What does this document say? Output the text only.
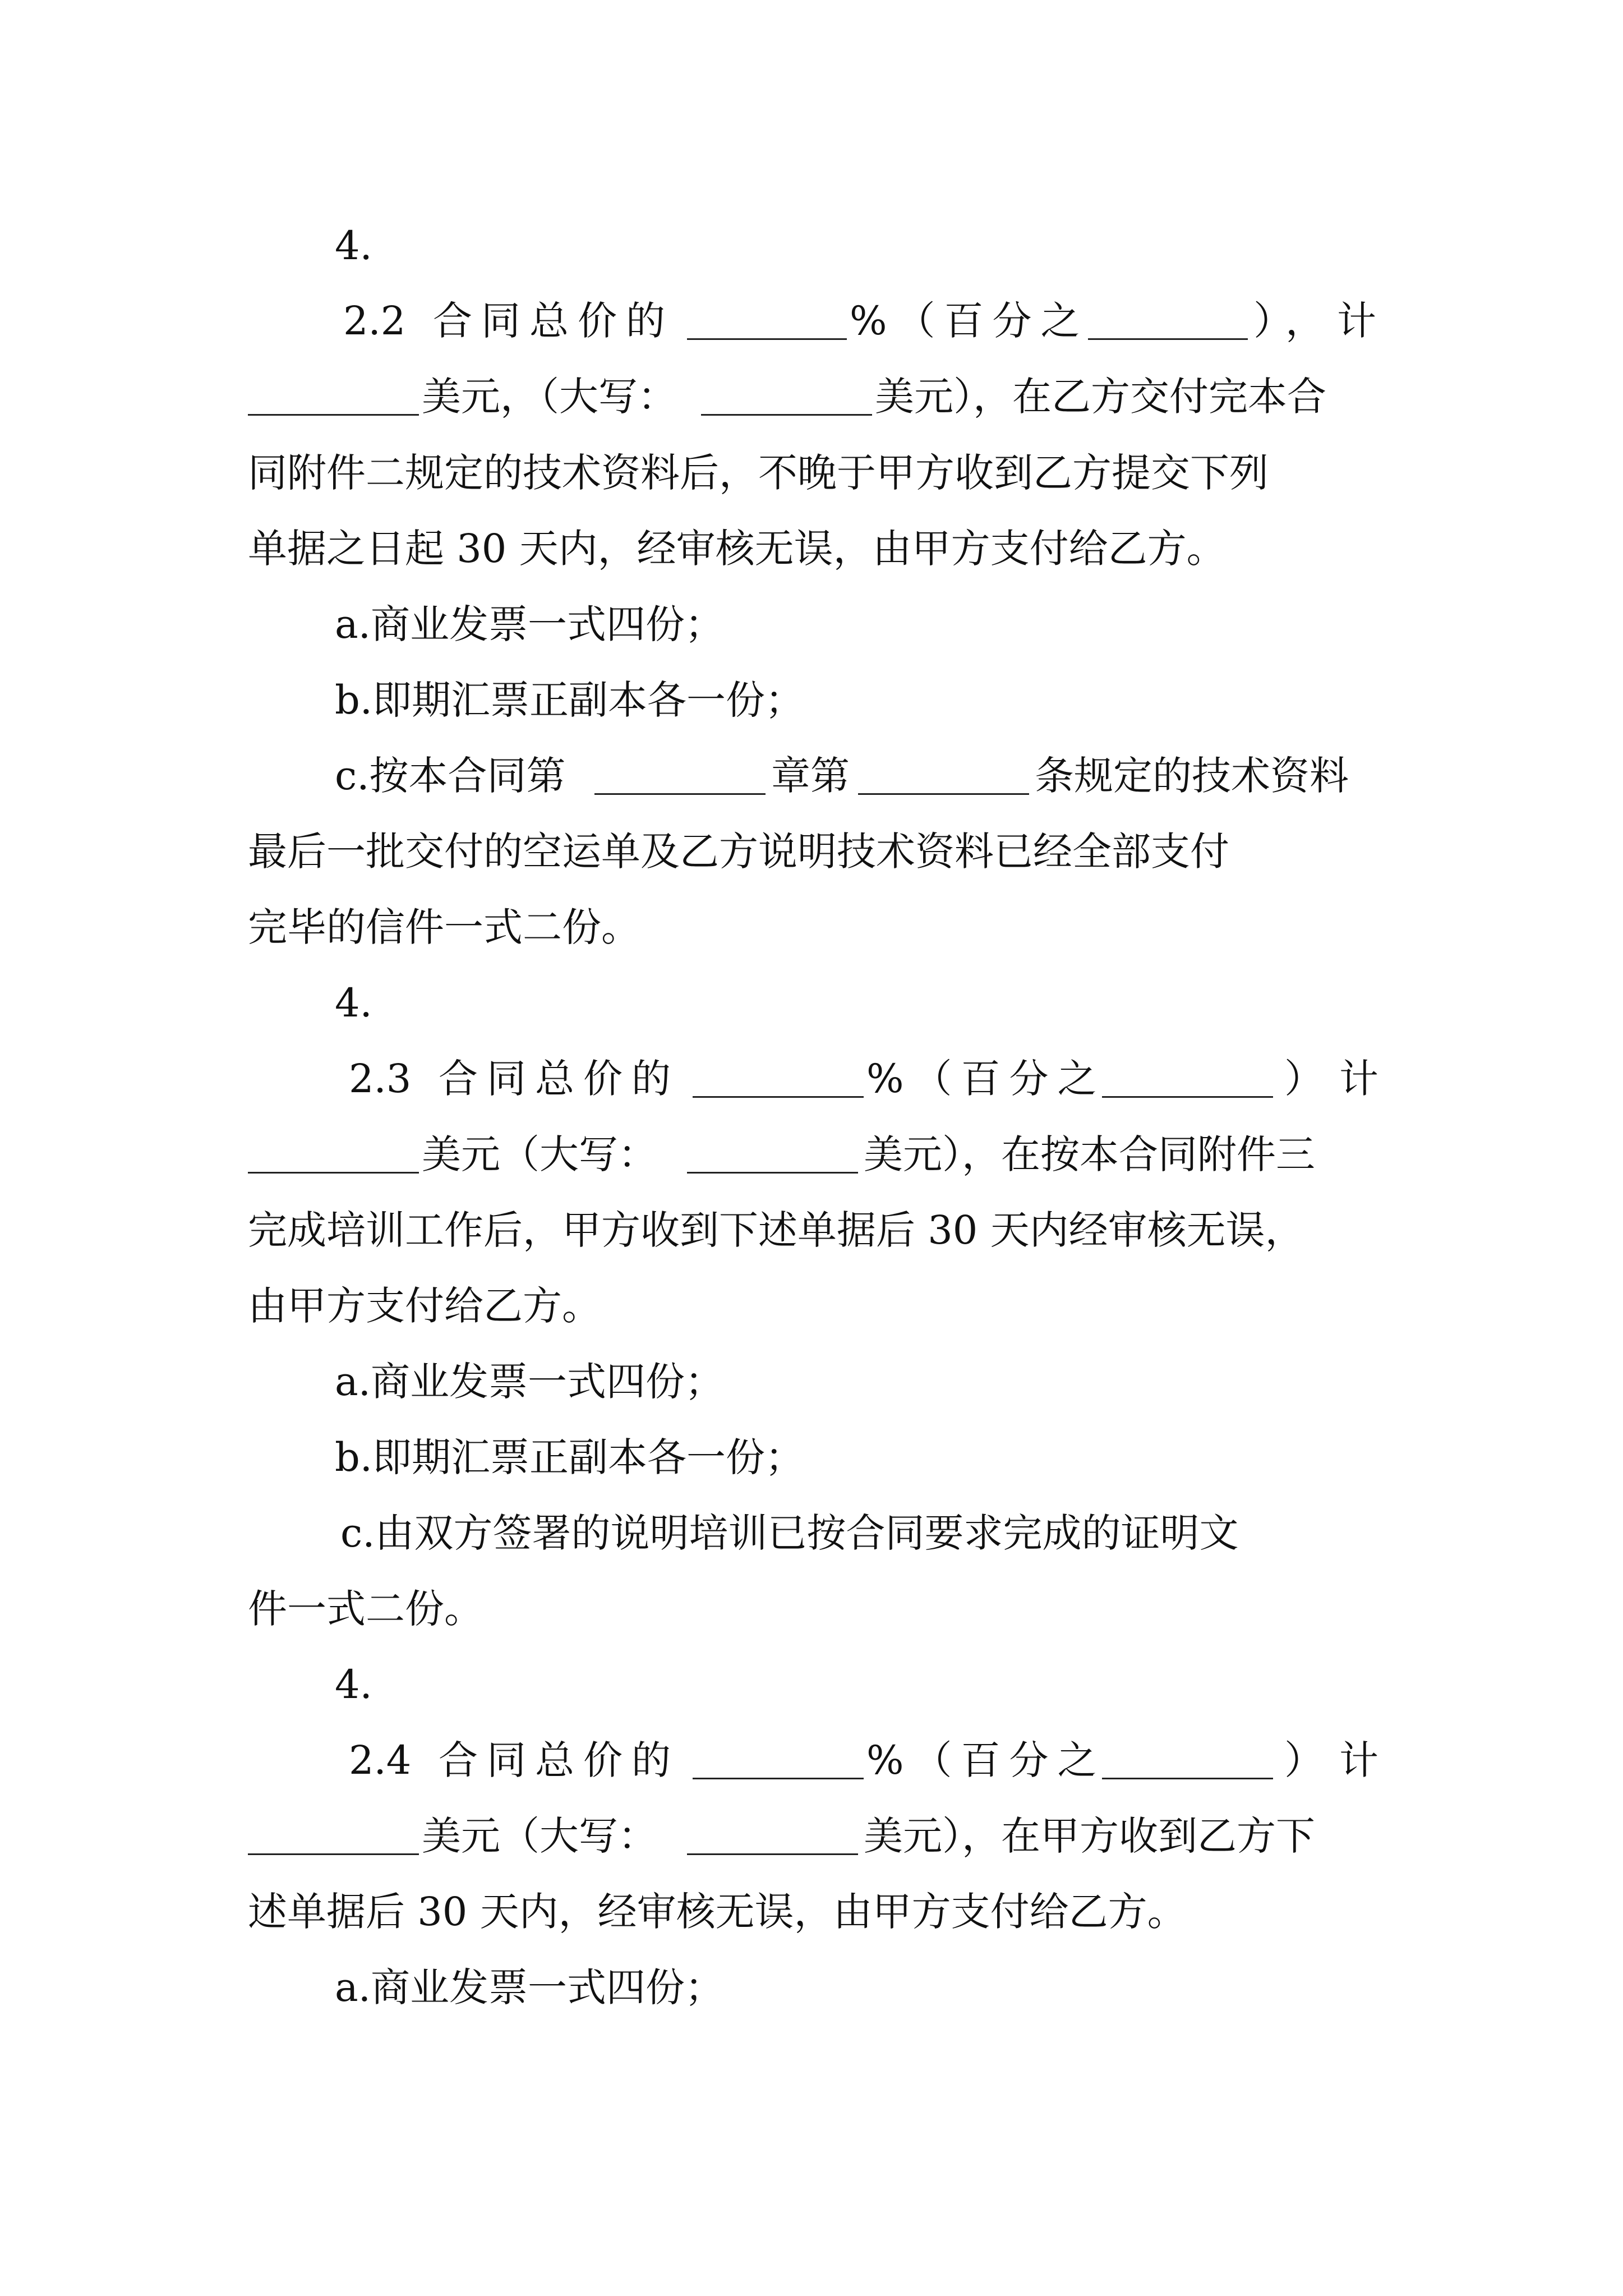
4.
2.2 合同总价的	%（百分之	），计
美元，（大写：	美元），在乙方交付完本合
同附件二规定的技术资料后，不晚于甲方收到乙方提交下列
单据之日起 30 天内，经审核无误，由甲方支付给乙方。
a.商业发票一式四份；
b.即期汇票正副本各一份；
c.按本合同第	章第	条规定的技术资料
最后一批交付的空运单及乙方说明技术资料已经全部支付
完毕的信件一式二份。
4.
2.3 合同总价的	%（百分之	）计
美元（大写：	美元），在按本合同附件三
完成培训工作后，甲方收到下述单据后 30 天内经审核无误，
由甲方支付给乙方。
a.商业发票一式四份；
b.即期汇票正副本各一份；
c.由双方签署的说明培训已按合同要求完成的证明文
件一式二份。
4.
2.4 合同总价的	%（百分之	）计
美元（大写：	美元），在甲方收到乙方下
述单据后 30 天内，经审核无误，由甲方支付给乙方。
a.商业发票一式四份；
